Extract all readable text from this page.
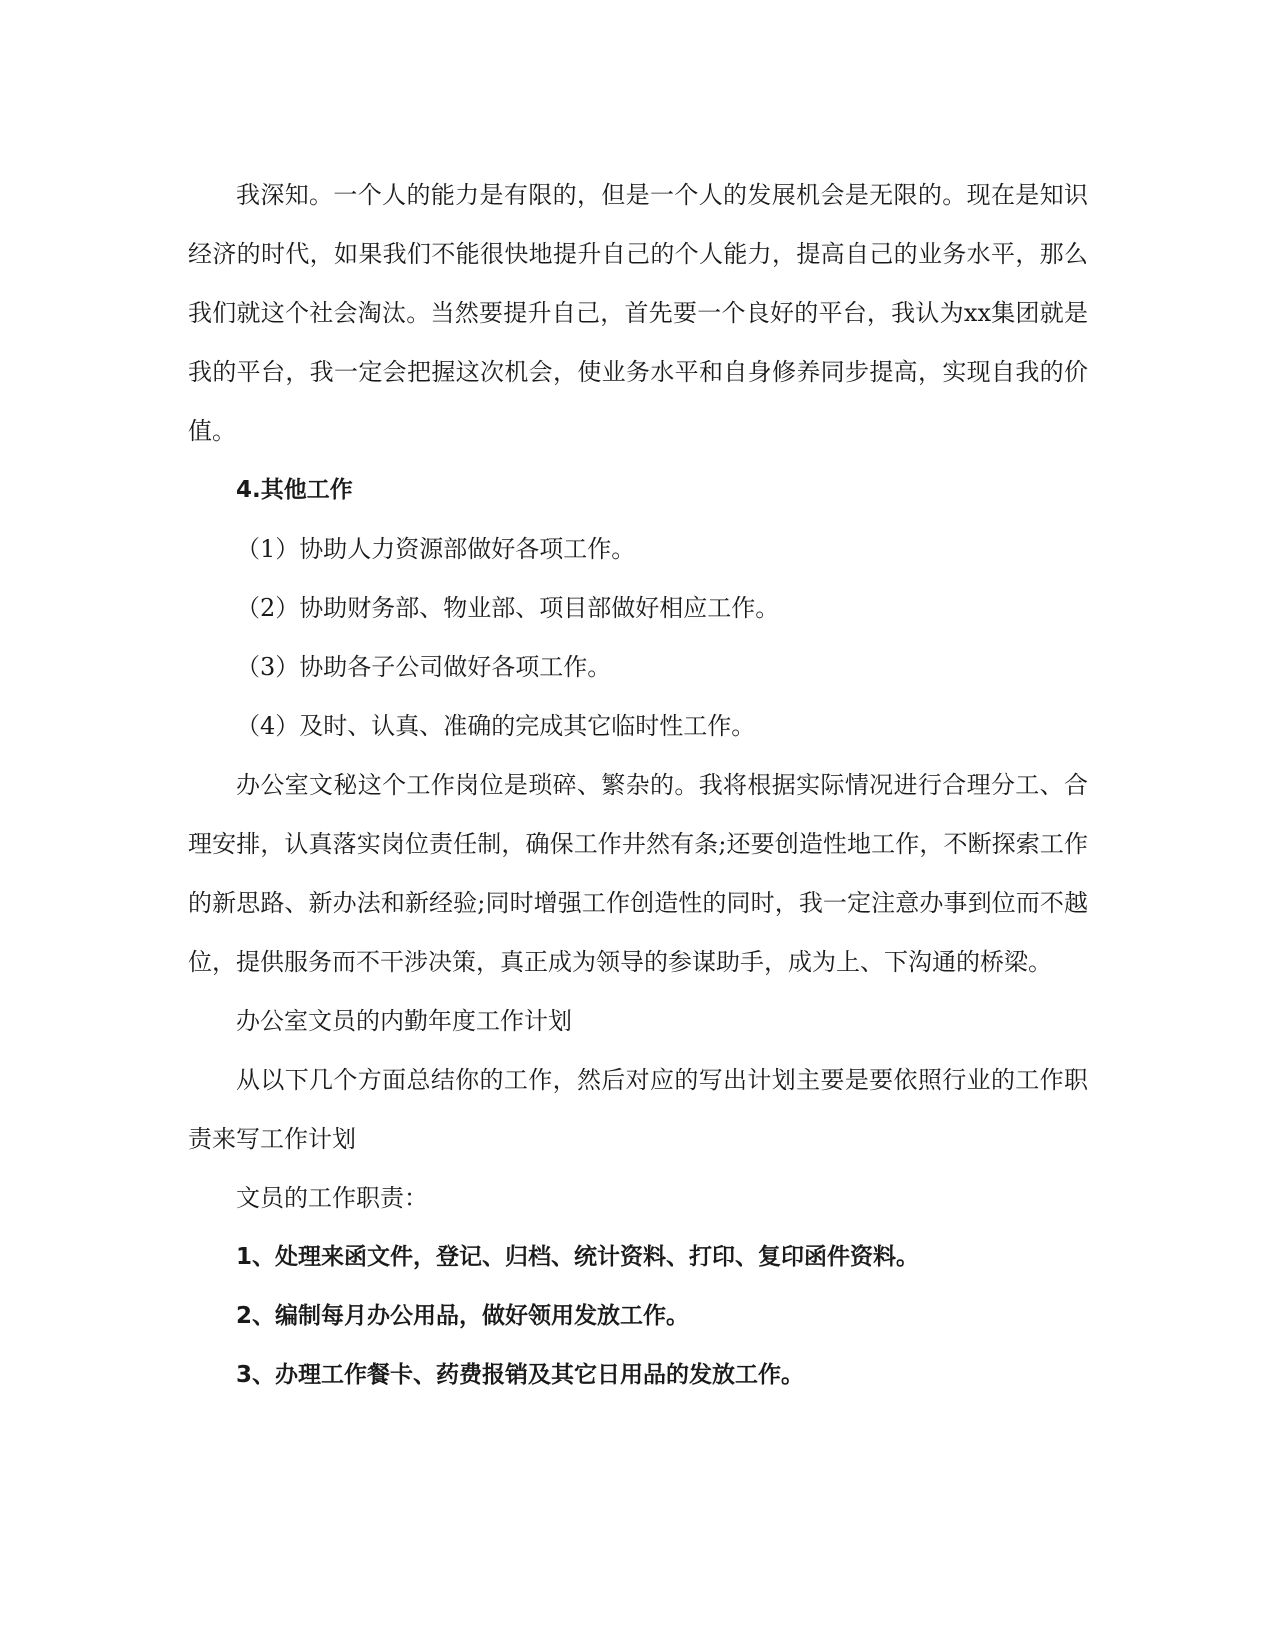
我深知。一个人的能力是有限的，但是一个人的发展机会是无限的。现在是知识经济的时代，如果我们不能很快地提升自己的个人能力，提高自己的业务水平，那么我们就这个社会淘汰。当然要提升自己，首先要一个良好的平台，我认为xx集团就是我的平台，我一定会把握这次机会，使业务水平和自身修养同步提高，实现自我的价值。

4.其他工作

（1）协助人力资源部做好各项工作。

（2）协助财务部、物业部、项目部做好相应工作。

（3）协助各子公司做好各项工作。

（4）及时、认真、准确的完成其它临时性工作。

办公室文秘这个工作岗位是琐碎、繁杂的。我将根据实际情况进行合理分工、合理安排，认真落实岗位责任制，确保工作井然有条;还要创造性地工作，不断探索工作的新思路、新办法和新经验;同时增强工作创造性的同时，我一定注意办事到位而不越位，提供服务而不干涉决策，真正成为领导的参谋助手，成为上、下沟通的桥梁。

办公室文员的内勤年度工作计划

从以下几个方面总结你的工作，然后对应的写出计划主要是要依照行业的工作职责来写工作计划

文员的工作职责：

1、处理来函文件，登记、归档、统计资料、打印、复印函件资料。

2、编制每月办公用品，做好领用发放工作。

3、办理工作餐卡、药费报销及其它日用品的发放工作。
